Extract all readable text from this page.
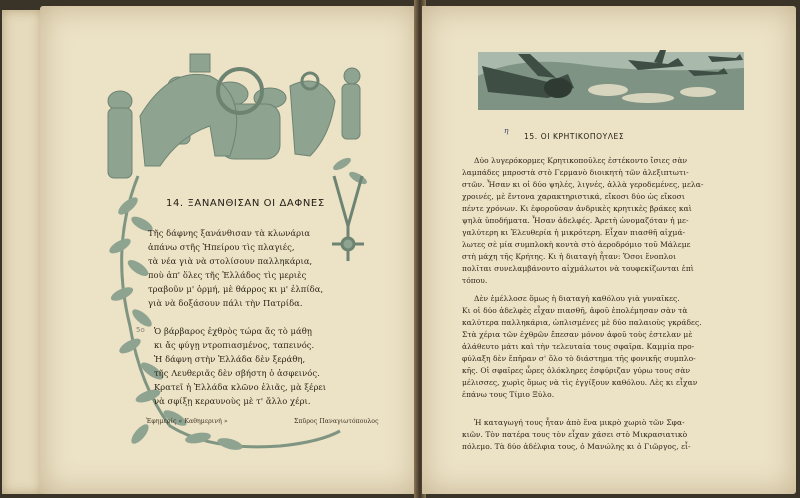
14. ΞΑΝΑΝΘΙΣΑΝ ΟΙ ΔΑΦΝΕΣ
Τῆς δάφνης ξανάνθισαν τὰ κλωνάρια
ἀπάνω στῆς Ἠπείρου τὶς πλαγιές,
τὰ νέα γιὰ νὰ στολίσουν παλληκάρια,
ποὺ ἀπ' ὅλες τῆς Ἑλλάδος τὶς μεριὲς
τραβοῦν μ' ὁρμή, μὲ θάρρος κι μ' ἐλπίδα,
γιὰ νὰ δοξάσουν πάλι τὴν Πατρίδα.
5ο Ὁ βάρβαρος ἐχθρὸς τώρα ἄς τὸ μάθῃ
κι ἄς φύγῃ ντροπιασμένος, ταπεινός.
Ἡ δάφνη στὴν Ἑλλάδα δὲν ξεράθη,
τῆς Λευθεριᾶς δὲν σβήστη ὁ ἀσφεινός.
Κρατεῖ ἡ Ἑλλάδα κλῶνο ἐλιᾶς, μὰ ξέρει
νὰ σφίξῃ κεραυνοὺς μὲ τ' ἄλλο χέρι.
Ἐφημερίς « Καθημερινή »	Σπῦρος Παναγιωτόπουλος
η
15. ΟΙ ΚΡΗΤΙΚΟΠΟΥΛΕΣ
Δύο λυγερόκορμες Κρητικοποῦλες ἐστέκοντο ἴσιες σὰν
λαμπάδες μπροστὰ στὸ Γερμανὸ διοικητὴ τῶν ἀλεξιπτωτι-
στῶν. Ἦσαν κι οἱ δύο ψηλές, λιγνές, ἀλλὰ γεροδεμένες, μελα-
χροινές, μὲ ἔντονα χαρακτηριστικά, εἴκοσι δύο ὡς εἴκοσι
πέντε χρόνων. Κι ἐφοροῦσαν ἀνδρικὲς κρητικὲς βράκες καὶ
ψηλὰ ὑποδήματα. Ἦσαν ἀδελφές. Ἀρετὴ ὠνομαζόταν ἡ με-
γαλύτερη κι Ἐλευθερία ἡ μικρότερη. Εἶχαν πιασθῆ αἰχμά-
λωτες σὲ μία συμπλοκὴ κοντὰ στὸ ἀεροδρόμιο τοῦ Μάλεμε
στὴ μάχη τῆς Κρήτης. Κι ἡ διαταγὴ ἦταν: Ὅσοι ἔνοπλοι
πολῖται συνελαμβάνοντο αἰχμάλωτοι νὰ τουφεκίζωνται ἐπὶ
τόπου.
Δὲν ἐμέλλοσε ὅμως ἡ διαταγὴ καθόλου γιὰ γυναῖκες.
Κι οἱ δύο ἀδελφὲς εἶχαν πιασθῆ, ἀφοῦ ἐπολέμησαν σὰν τὰ
καλύτερα παλληκάρια, ὡπλισμένες μὲ δύο παλαιοὺς γκράδες.
Στὰ χέρια τῶν ἐχθρῶν ἔπεσαν μόνον ἀφοῦ τοὺς ἐστελαν μὲ
ἀλάθευτο μάτι καὶ τὴν τελευταία τους σφαῖρα. Καμμία προ-
φύλαξη δὲν ἔπῆραν σ' ὅλο τὸ διάστημα τῆς φονικῆς συμπλο-
κῆς. Οἱ σφαῖρες ὧρες ὁλόκληρες ἐσφύριζαν γύρω τους σὰν
μέλισσες, χωρὶς ὅμως νὰ τὶς ἐγγίξουν καθόλου. Λὲς κι εἶχαν
ἐπάνω τους Τίμιο Ξύλο.
Ἡ καταγωγή τους ἦταν ἀπὸ ἕνα μικρὸ χωριὸ τῶν Σφα-
κιῶν. Τὸν πατέρα τους τὸν εἶχαν χάσει στὸ Μικρασιατικὸ
πόλεμο. Τὰ δύο ἀδέλφια τους, ὁ Μανώλης κι ὁ Γιῶργος, εἶ-
